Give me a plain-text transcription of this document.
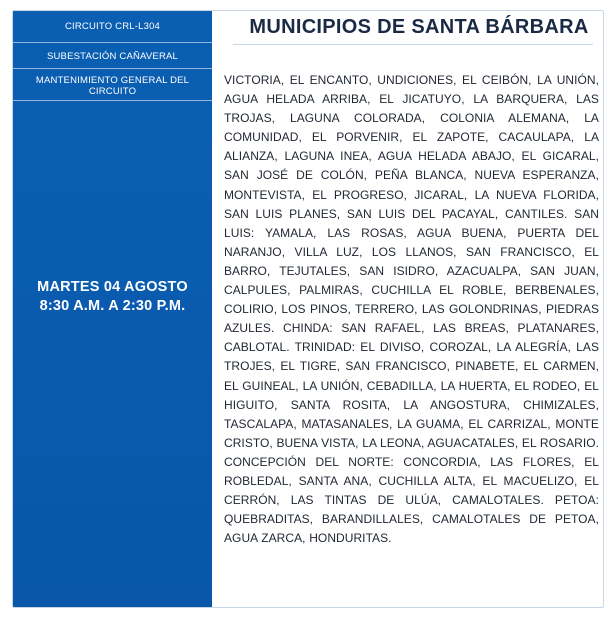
CIRCUITO CRL-L304
SUBESTACIÓN CAÑAVERAL
MANTENIMIENTO GENERAL DEL CIRCUITO
MARTES 04 AGOSTO
8:30 A.M. A 2:30 P.M.
MUNICIPIOS DE SANTA BÁRBARA
VICTORIA, EL ENCANTO, UNDICIONES, EL CEIBÓN, LA UNIÓN, AGUA HELADA ARRIBA, EL JICATUYO, LA BARQUERA, LAS TROJAS, LAGUNA COLORADA, COLONIA ALEMANA, LA COMUNIDAD, EL PORVENIR, EL ZAPOTE, CACAULAPA, LA ALIANZA, LAGUNA INEA, AGUA HELADA ABAJO, EL GICARAL, SAN JOSÉ DE COLÓN, PEÑA BLANCA, NUEVA ESPERANZA, MONTEVISTA, EL PROGRESO, JICARAL, LA NUEVA FLORIDA, SAN LUIS PLANES, SAN LUIS DEL PACAYAL, CANTILES. SAN LUIS: YAMALA, LAS ROSAS, AGUA BUENA, PUERTA DEL NARANJO, VILLA LUZ, LOS LLANOS, SAN FRANCISCO, EL BARRO, TEJUTALES, SAN ISIDRO, AZACUALPA, SAN JUAN, CALPULES, PALMIRAS, CUCHILLA EL ROBLE, BERBENALES, COLIRIO, LOS PINOS, TERRERO, LAS GOLONDRINAS, PIEDRAS AZULES. CHINDA: SAN RAFAEL, LAS BREAS, PLATANARES, CABLOTAL. TRINIDAD: EL DIVISO, COROZAL, LA ALEGRÍA, LAS TROJES, EL TIGRE, SAN FRANCISCO, PINABETE, EL CARMEN, EL GUINEAL, LA UNIÓN, CEBADILLA, LA HUERTA, EL RODEO, EL HIGUITO, SANTA ROSITA, LA ANGOSTURA, CHIMIZALES, TASCALAPA, MATASANALES, LA GUAMA, EL CARRIZAL, MONTE CRISTO, BUENA VISTA, LA LEONA, AGUACATALES, EL ROSARIO. CONCEPCIÓN DEL NORTE: CONCORDIA, LAS FLORES, EL ROBLEDAL, SANTA ANA, CUCHILLA ALTA, EL MACUELIZO, EL CERRÓN, LAS TINTAS DE ULÚA, CAMALOTALES. PETOA: QUEBRADITAS, BARANDILLALES, CAMALOTALES DE PETOA, AGUA ZARCA, HONDURITAS.
